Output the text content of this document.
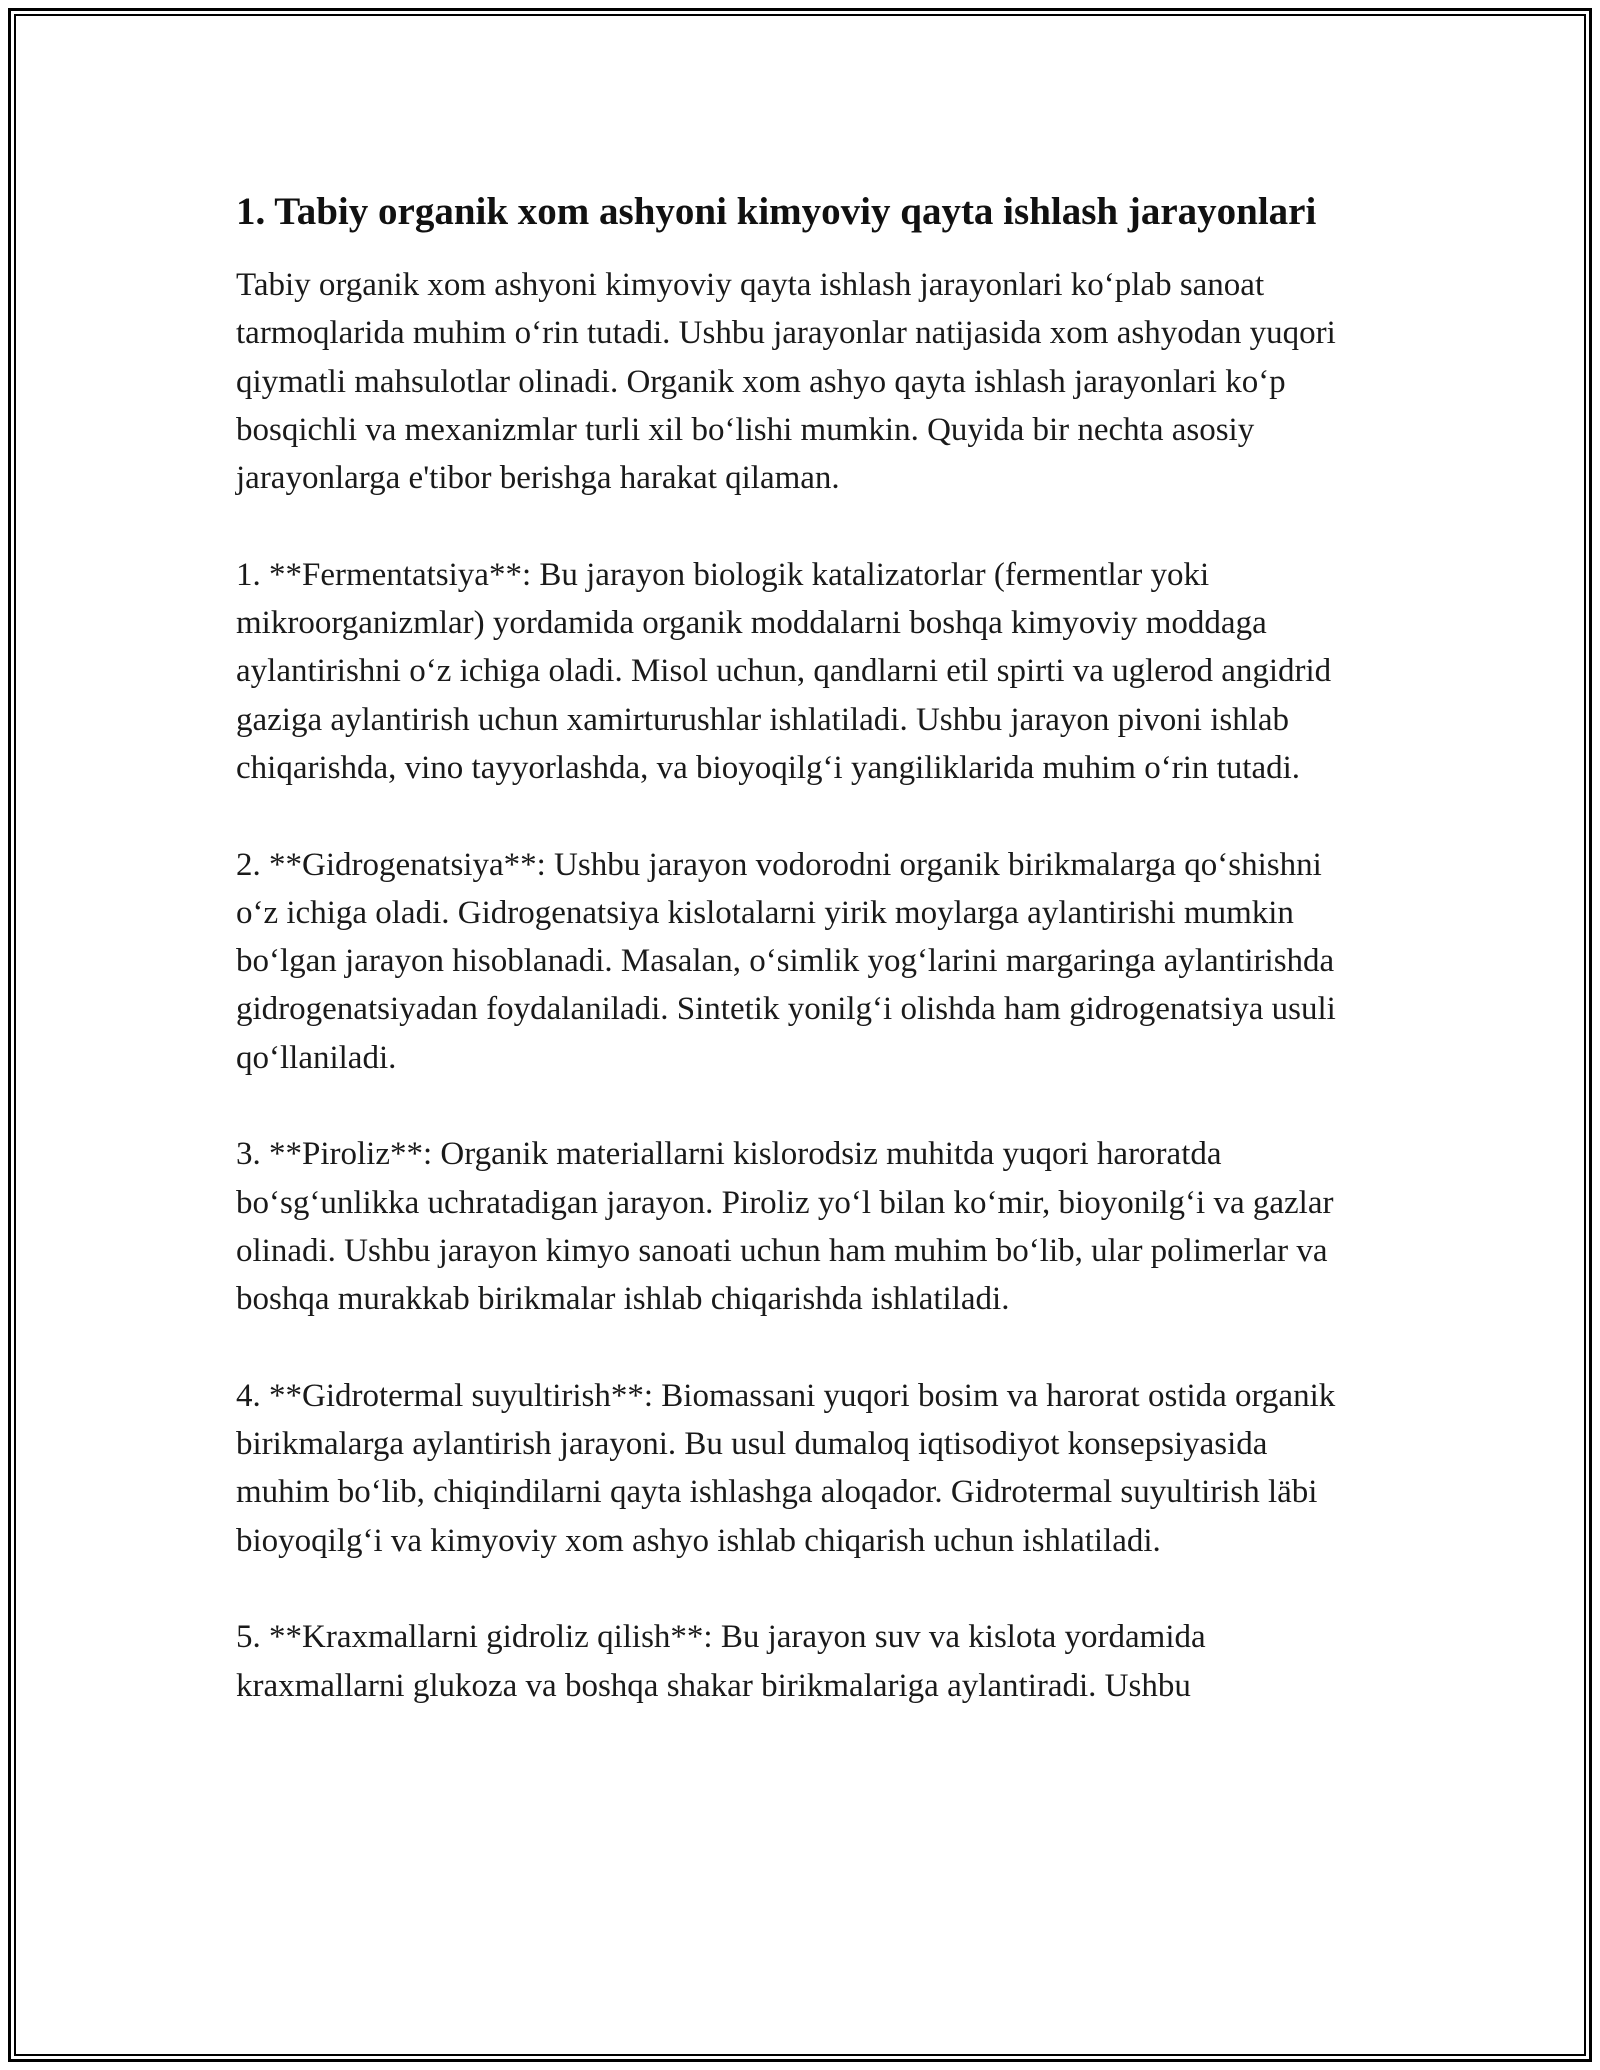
1. Tabiy organik xom ashyoni kimyoviy qayta ishlash jarayonlari

Tabiy organik xom ashyoni kimyoviy qayta ishlash jarayonlari ko‘plab sanoat tarmoqlarida muhim o‘rin tutadi. Ushbu jarayonlar natijasida xom ashyodan yuqori qiymatli mahsulotlar olinadi. Organik xom ashyo qayta ishlash jarayonlari ko‘p bosqichli va mexanizmlar turli xil bo‘lishi mumkin. Quyida bir nechta asosiy jarayonlarga e'tibor berishga harakat qilaman.

1. **Fermentatsiya**: Bu jarayon biologik katalizatorlar (fermentlar yoki mikroorganizmlar) yordamida organik moddalarni boshqa kimyoviy moddaga aylantirishni o‘z ichiga oladi. Misol uchun, qandlarni etil spirti va uglerod angidrid gaziga aylantirish uchun xamirturushlar ishlatiladi. Ushbu jarayon pivoni ishlab chiqarishda, vino tayyorlashda, va bioyoqilg‘i yangiliklarida muhim o‘rin tutadi.

2. **Gidrogenatsiya**: Ushbu jarayon vodorodni organik birikmalarga qo‘shishni o‘z ichiga oladi. Gidrogenatsiya kislotalarni yirik moylarga aylantirishi mumkin bo‘lgan jarayon hisoblanadi. Masalan, o‘simlik yog‘larini margaringa aylantirishda gidrogenatsiyadan foydalaniladi. Sintetik yonilg‘i olishda ham gidrogenatsiya usuli qo‘llaniladi.

3. **Piroliz**: Organik materiallarni kislorodsiz muhitda yuqori haroratda bo‘sg‘unlikka uchratadigan jarayon. Piroliz yo‘l bilan ko‘mir, bioyonilg‘i va gazlar olinadi. Ushbu jarayon kimyo sanoati uchun ham muhim bo‘lib, ular polimerlar va boshqa murakkab birikmalar ishlab chiqarishda ishlatiladi.

4. **Gidrotermal suyultirish**: Biomassani yuqori bosim va harorat ostida organik birikmalarga aylantirish jarayoni. Bu usul dumaloq iqtisodiyot konsepsiyasida muhim bo‘lib, chiqindilarni qayta ishlashga aloqador. Gidrotermal suyultirish läbi bioyoqilg‘i va kimyoviy xom ashyo ishlab chiqarish uchun ishlatiladi.

5. **Kraxmallarni gidroliz qilish**: Bu jarayon suv va kislota yordamida kraxmallarni glukoza va boshqa shakar birikmalariga aylantiradi. Ushbu
